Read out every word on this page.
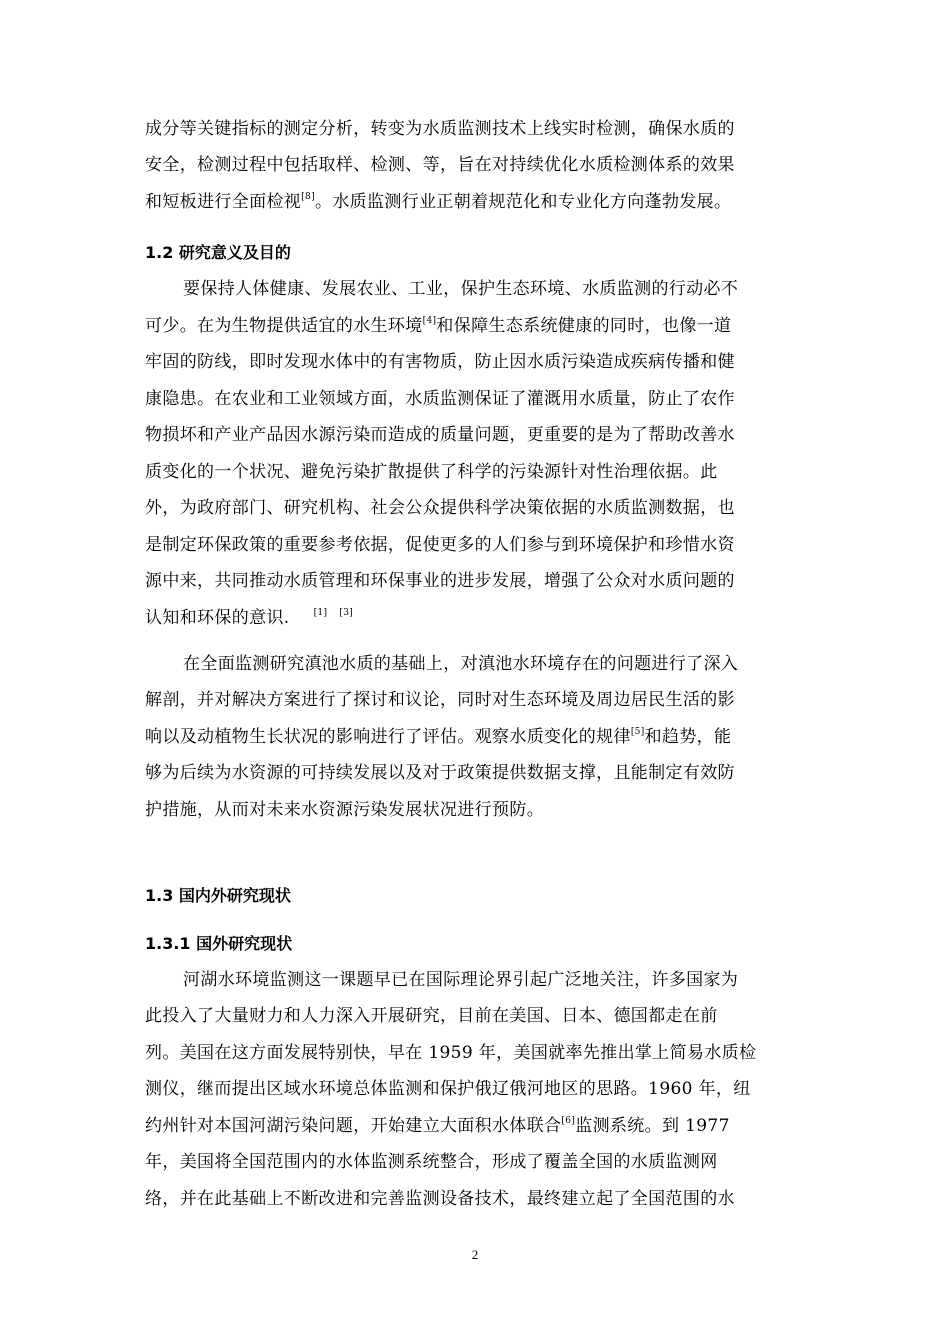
成分等关键指标的测定分析，转变为水质监测技术上线实时检测，确保水质的
安全，检测过程中包括取样、检测、等，旨在对持续优化水质检测体系的效果
和短板进行全面检视[8]。水质监测行业正朝着规范化和专业化方向蓬勃发展。
1.2 研究意义及目的
要保持人体健康、发展农业、工业，保护生态环境、水质监测的行动必不
可少。在为生物提供适宜的水生环境[4]和保障生态系统健康的同时，也像一道
牢固的防线，即时发现水体中的有害物质，防止因水质污染造成疾病传播和健
康隐患。在农业和工业领域方面，水质监测保证了灌溉用水质量，防止了农作
物损坏和产业产品因水源污染而造成的质量问题，更重要的是为了帮助改善水
质变化的一个状况、避免污染扩散提供了科学的污染源针对性治理依据。此
外，为政府部门、研究机构、社会公众提供科学决策依据的水质监测数据，也
是制定环保政策的重要参考依据，促使更多的人们参与到环境保护和珍惜水资
源中来，共同推动水质管理和环保事业的进步发展，增强了公众对水质问题的
认知和环保的意识.	[1] [3]
在全面监测研究滇池水质的基础上，对滇池水环境存在的问题进行了深入
解剖，并对解决方案进行了探讨和议论，同时对生态环境及周边居民生活的影
响以及动植物生长状况的影响进行了评估。观察水质变化的规律[5]和趋势，能
够为后续为水资源的可持续发展以及对于政策提供数据支撑，且能制定有效防
护措施，从而对未来水资源污染发展状况进行预防。
1.3 国内外研究现状
1.3.1 国外研究现状
河湖水环境监测这一课题早已在国际理论界引起广泛地关注，许多国家为
此投入了大量财力和人力深入开展研究，目前在美国、日本、德国都走在前
列。美国在这方面发展特别快，早在 1959 年，美国就率先推出掌上简易水质检
测仪，继而提出区域水环境总体监测和保护俄辽俄河地区的思路。1960 年，纽
约州针对本国河湖污染问题，开始建立大面积水体联合[6]监测系统。到 1977
年，美国将全国范围内的水体监测系统整合，形成了覆盖全国的水质监测网
络，并在此基础上不断改进和完善监测设备技术，最终建立起了全国范围的水
2
